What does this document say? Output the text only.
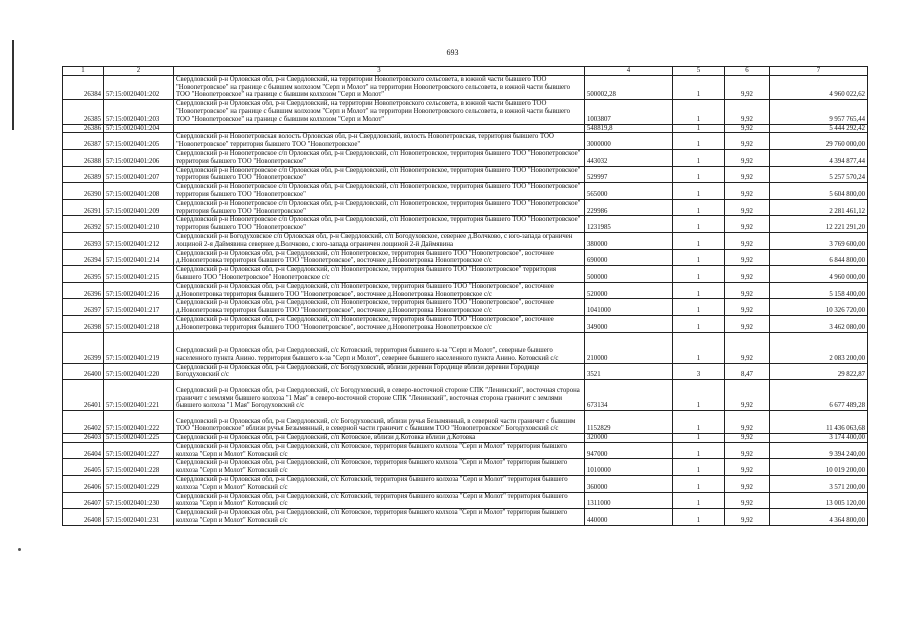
693
1	2	3	4	5	6	7
26384	57:15:0020401:202	Свердловский р-н Орловская обл, р-н Свердловский, на территории Новопетровского сельсовета, в южной части бывшего ТОО "Новопетровское" на границе с бывшим колхозом "Серп и Молот" на территории Новопетровского сельсовета, в южной части бывшего ТОО "Новопетровское" на границе с бывшим колхозом "Серп и Молот"	500002,28	1	9,92	4 960 022,62
26385	57:15:0020401:203	Свердловский р-н Орловская обл, р-н Свердловский, на территории Новопетровского сельсовета, в южной части бывшего ТОО "Новопетровское" на границе с бывшим колхозом "Серп и Молот" на территории Новопетровского сельсовета, в южной части бывшего ТОО "Новопетровское" на границе с бывшим колхозом "Серп и Молот"	1003807	1	9,92	9 957 765,44
26386	57:15:0020401:204		548819,8	1	9,92	5 444 292,42
26387	57:15:0020401:205	Свердловский р-н Новопетровская волость Орловская обл, р-н Свердловский, волость Новопетровская, территория бывшего ТОО "Новопетровское" территория бывшего ТОО "Новопетровское"	3000000	1	9,92	29 760 000,00
26388	57:15:0020401:206	Свердловский р-н Новопетровское с/п Орловская обл, р-н Свердловский, с/п Новопетровское, территория бывшего ТОО "Новопетровское" территория бывшего ТОО "Новопетровское"	443032	1	9,92	4 394 877,44
26389	57:15:0020401:207	Свердловский р-н Новопетровское с/п Орловская обл, р-н Свердловский, с/п Новопетровское, территория бывшего ТОО "Новопетровское" территория бывшего ТОО "Новопетровское"	529997	1	9,92	5 257 570,24
26390	57:15:0020401:208	Свердловский р-н Новопетровское с/п Орловская обл, р-н Свердловский, с/п Новопетровское, территория бывшего ТОО "Новопетровское" территория бывшего ТОО "Новопетровское"	565000	1	9,92	5 604 800,00
26391	57:15:0020401:209	Свердловский р-н Новопетровское с/п Орловская обл, р-н Свердловский, с/п Новопетровское, территория бывшего ТОО "Новопетровское" территория бывшего ТОО "Новопетровское"	229986	1	9,92	2 281 461,12
26392	57:15:0020401:210	Свердловский р-н Новопетровское с/п Орловская обл, р-н Свердловский, с/п Новопетровское, территория бывшего ТОО "Новопетровское" территория бывшего ТОО "Новопетровское"	1231985	1	9,92	12 221 291,20
26393	57:15:0020401:212	Свердловский р-н Богодуховское с/п Орловская обл, р-н Свердловский, с/п Богодуховское, севернее д.Волчково, с юго-запада ограничен лощиной 2-я Даймявина севернее д.Волчково, с юго-запада ограничен лощиной 2-й Даймявина	380000	1	9,92	3 769 600,00
26394	57:15:0020401:214	Свердловский р-н Орловская обл, р-н Свердловский, с/п Новопетровское, территория бывшего ТОО "Новопетровское", восточнее д.Новопетровка территория бывшего ТОО "Новопетровское", восточнее д.Новопетровка Новопетровское с/с	690000	1	9,92	6 844 800,00
26395	57:15:0020401:215	Свердловский р-н Орловская обл, р-н Свердловский, с/п Новопетровское, территория бывшего ТОО "Новопетровское" территория бывшего ТОО "Новопетровское" Новопетровское с/с	500000	1	9,92	4 960 000,00
26396	57:15:0020401:216	Свердловский р-н Орловская обл, р-н Свердловский, с/п Новопетровское, территория бывшего ТОО "Новопетровское", восточнее д.Новопетровка территория бывшего ТОО "Новопетровское", восточнее д.Новопетровка Новопетровское с/с	520000	1	9,92	5 158 400,00
26397	57:15:0020401:217	Свердловский р-н Орловская обл, р-н Свердловский, с/п Новопетровское, территория бывшего ТОО "Новопетровское", восточнее д.Новопетровка территория бывшего ТОО "Новопетровское", восточнее д.Новопетровка Новопетровское с/с	1041000	1	9,92	10 326 720,00
26398	57:15:0020401:218	Свердловский р-н Орловская обл, р-н Свердловский, с/п Новопетровское, территория бывшего ТОО "Новопетровское", восточнее д.Новопетровка территория бывшего ТОО "Новопетровское", восточнее д.Новопетровка Новопетровское с/с	349000	1	9,92	3 462 080,00
26399	57:15:0020401:219	Свердловский р-н Орловская обл, р-н Свердловский, с/с Котовский, территория бывшего к-за "Серп и Молот", северные бывшего населенного пункта Анино. территория бывшего к-за "Серп и Молот", севернее бывшего населенного пункта Анино. Котовский с/с	210000	1	9,92	2 083 200,00
26400	57:15:0020401:220	Свердловский р-н Орловская обл, р-н Свердловский, с/с Богодуховский, вблизи деревни Городище вблизи деревни Городище Богодуховский с/с	3521	3	8,47	29 822,87
26401	57:15:0020401:221	Свердловский р-н Орловская обл, р-н Свердловский, с/с Богодуховский, в северо-восточной стороне СПК "Ленинский", восточная сторона граничит с землями бывшего колхоза "1 Мая" в северо-восточной стороне СПК "Ленинский", восточная сторона граничит с землями бывшего колхоза "1 Мая" Богодуховский с/с	673134	1	9,92	6 677 489,28
26402	57:15:0020401:222	Свердловский р-н Орловская обл, р-н Свердловский, с/с Богодуховский, вблизи ручья Безымянный, в северной части граничит с бывшим ТОО "Новопетровское" вблизи ручья Безымянный, в северной части граничит с бывшим ТОО "Новопетровское" Богодуховский с/с	1152829	1	9,92	11 436 063,68
26403	57:15:0020401:225	Свердловский р-н Орловская обл, р-н Свердловский, с/п Котовское, вблизи д.Котовка вблизи д.Котовка	320000	1	9,92	3 174 400,00
26404	57:15:0020401:227	Свердловский р-н Орловская обл, р-н Свердловский, с/п Котовское, территория бывшего колхоза "Серп и Молот" территория бывшего колхоза "Серп и Молот" Котовский с/с	947000	1	9,92	9 394 240,00
26405	57:15:0020401:228	Свердловский р-н Орловская обл, р-н Свердловский, с/п Котовское, территория бывшего колхоза "Серп и Молот" территория бывшего колхоза "Серп и Молот" Котовский с/с	1010000	1	9,92	10 019 200,00
26406	57:15:0020401:229	Свердловский р-н Орловская обл, р-н Свердловский, с/с Котовский, территория бывшего колхоза "Серп и Молот" территория бывшего колхоза "Серп и Молот" Котовский с/с	360000	1	9,92	3 571 200,00
26407	57:15:0020401:230	Свердловский р-н Орловская обл, р-н Свердловский, с/с Котовский, территория бывшего колхоза "Серп и Молот" территория бывшего колхоза "Серп и Молот" Котовский с/с	1311000	1	9,92	13 005 120,00
26408	57:15:0020401:231	Свердловский р-н Орловская обл, р-н Свердловский, с/п Котовское, территория бывшего колхоза "Серп и Молот" территория бывшего колхоза "Серп и Молот" Котовский с/с	440000	1	9,92	4 364 800,00
